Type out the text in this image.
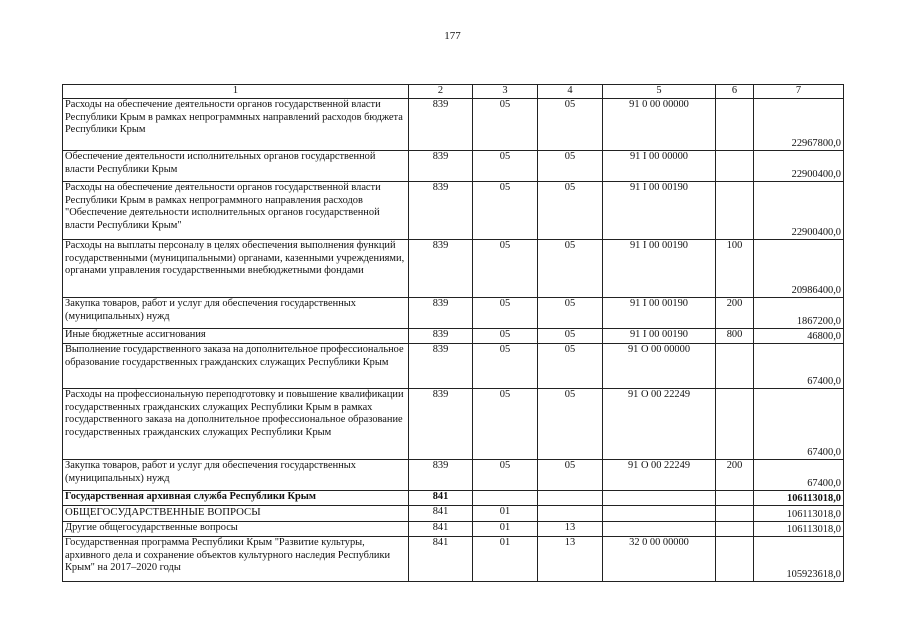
177
1	2	3	4	5	6	7
Расходы на обеспечение деятельности органов государственной власти Республики Крым в рамках непрограммных направлений расходов бюджета Республики Крым	839	05	05	91 0 00 00000		22967800,0
Обеспечение деятельности исполнительных органов государственной власти Республики Крым	839	05	05	91 I 00 00000		22900400,0
Расходы на обеспечение деятельности органов государственной власти Республики Крым в рамках непрограммного направления расходов "Обеспечение деятельности исполнительных органов государственной власти Республики Крым"	839	05	05	91 I 00 00190		22900400,0
Расходы на выплаты персоналу в целях обеспечения выполнения функций государственными (муниципальными) органами, казенными учреждениями, органами управления государственными внебюджетными фондами	839	05	05	91 I 00 00190	100	20986400,0
Закупка товаров, работ и услуг для обеспечения государственных (муниципальных) нужд	839	05	05	91 I 00 00190	200	1867200,0
Иные бюджетные ассигнования	839	05	05	91 I 00 00190	800	46800,0
Выполнение государственного заказа на дополнительное профессиональное образование государственных гражданских служащих Республики Крым	839	05	05	91 О 00 00000		67400,0
Расходы на профессиональную переподготовку и повышение квалификации государственных гражданских служащих Республики Крым в рамках государственного заказа на дополнительное профессиональное образование государственных гражданских служащих Республики Крым	839	05	05	91 О 00 22249		67400,0
Закупка товаров, работ и услуг для обеспечения государственных (муниципальных) нужд	839	05	05	91 О 00 22249	200	67400,0
Государственная архивная служба Республики Крым	841					106113018,0
ОБЩЕГОСУДАРСТВЕННЫЕ ВОПРОСЫ	841	01				106113018,0
Другие общегосударственные вопросы	841	01	13			106113018,0
Государственная программа Республики Крым "Развитие культуры, архивного дела и сохранение объектов культурного наследия Республики Крым" на 2017–2020 годы	841	01	13	32 0 00 00000		105923618,0
